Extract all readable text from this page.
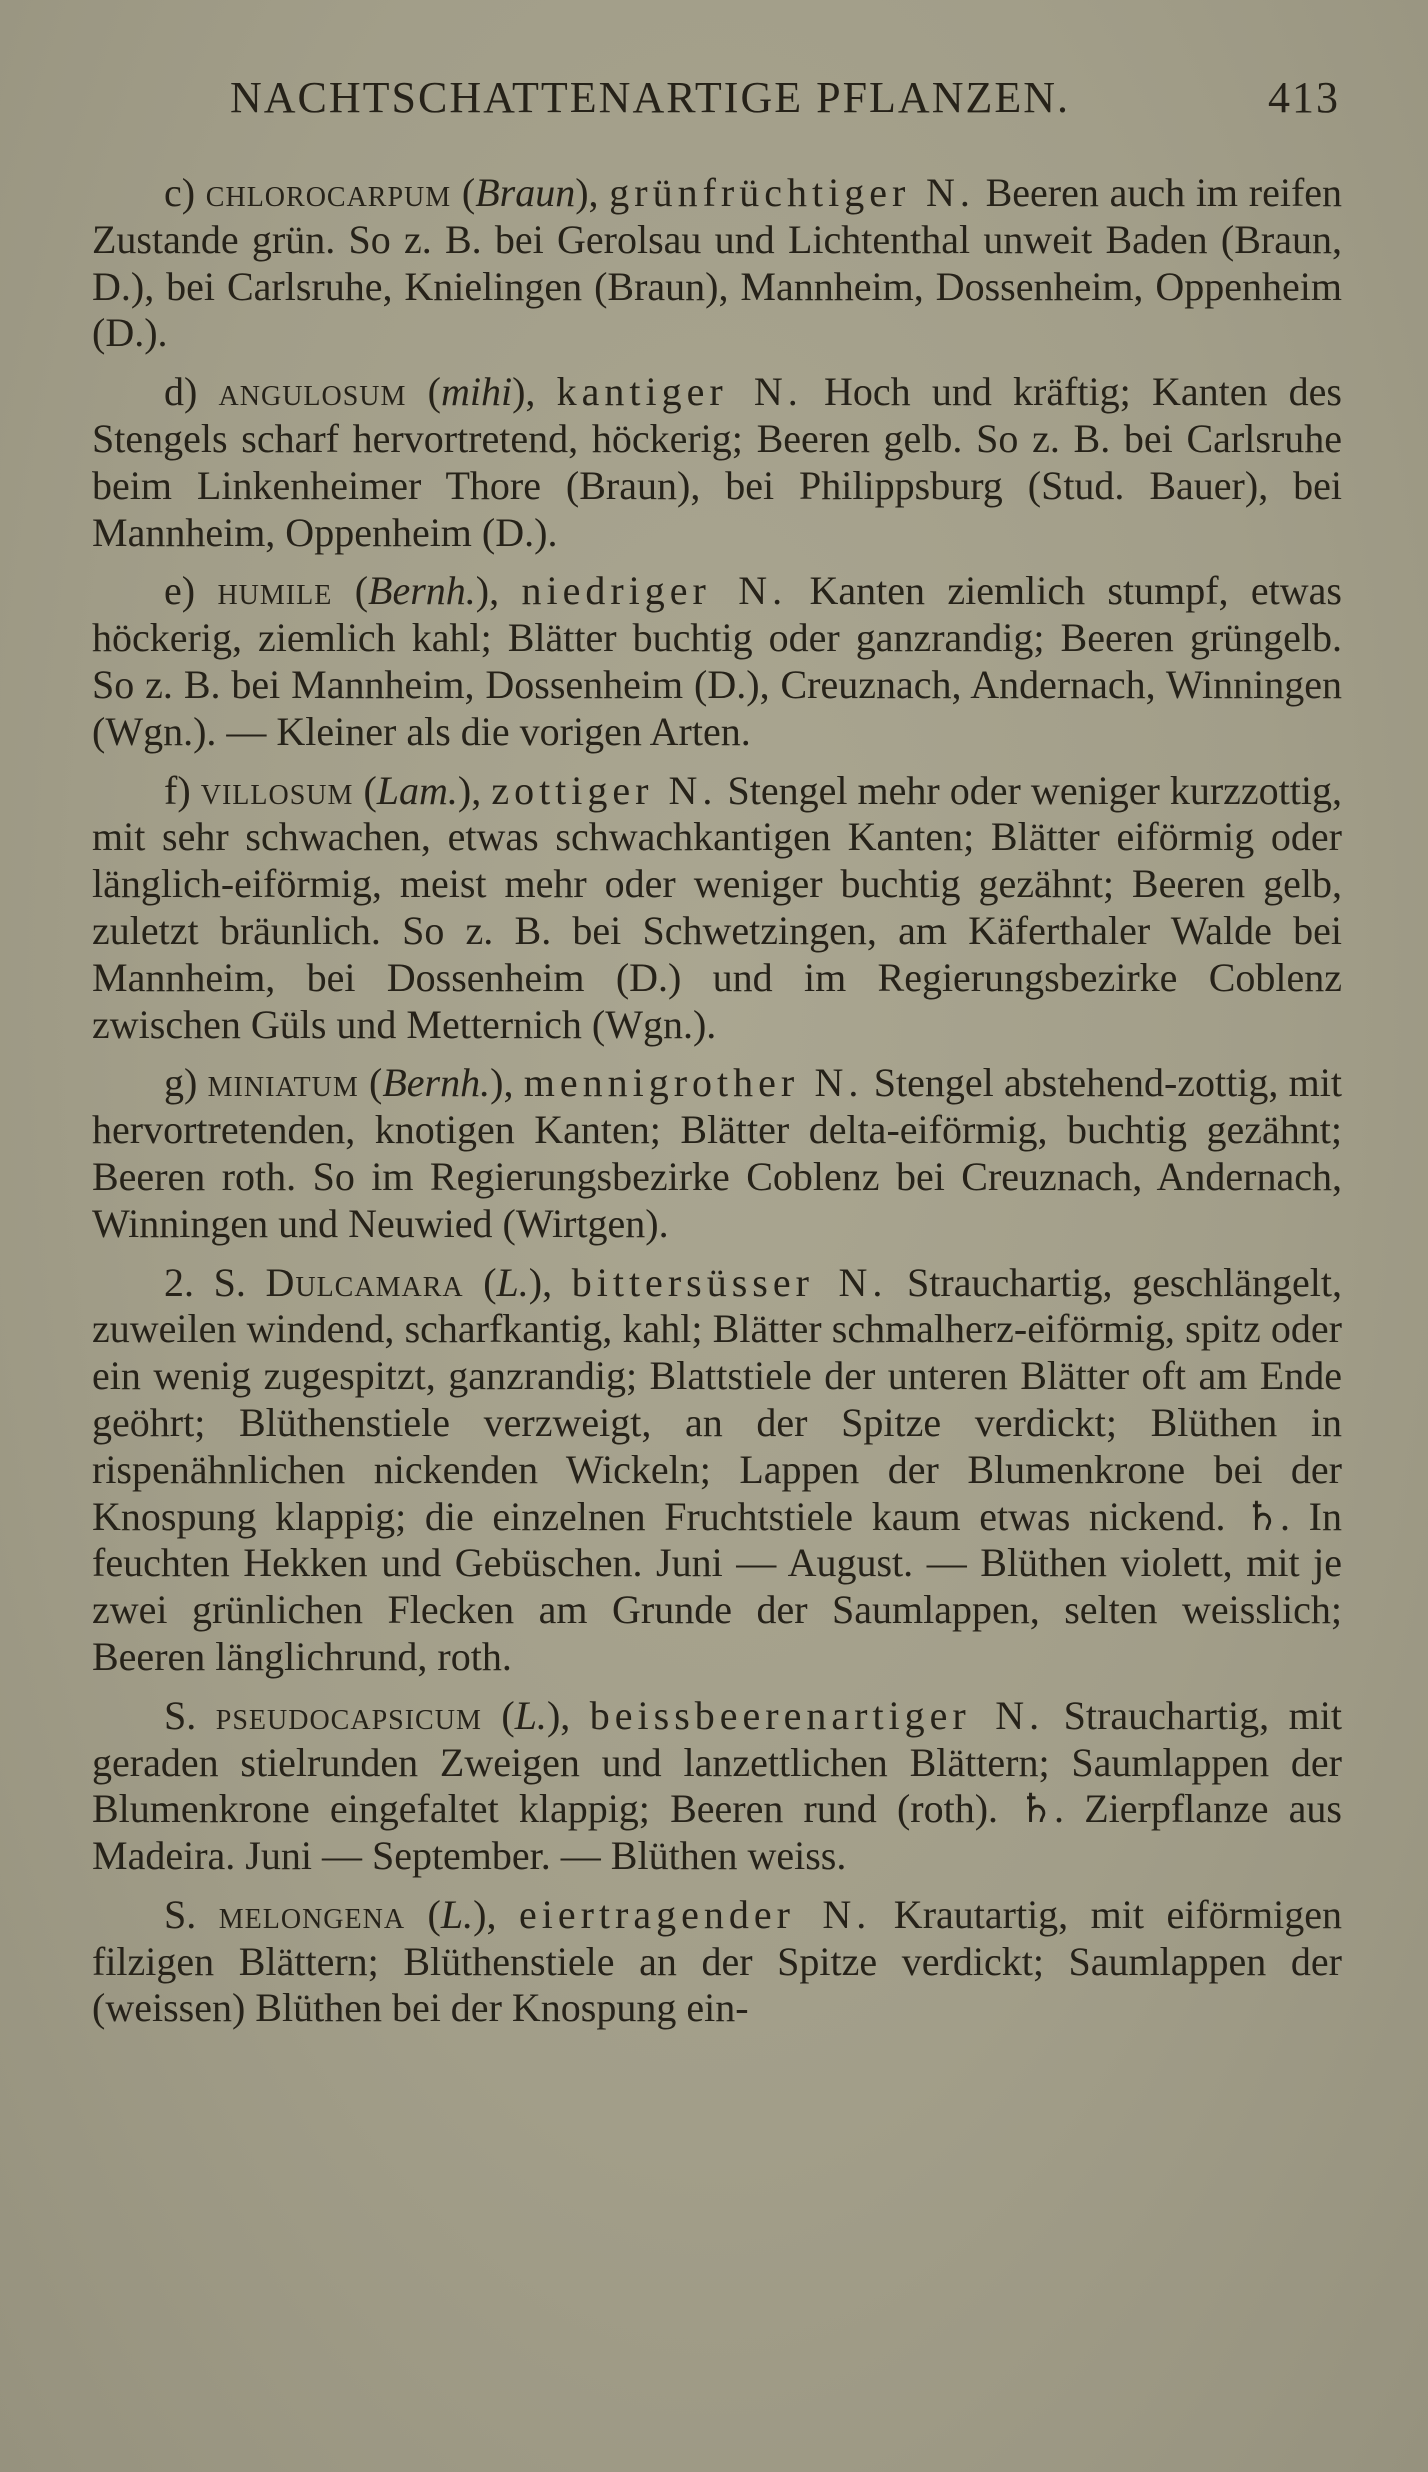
NACHTSCHATTENARTIGE PFLANZEN.	413

c) chlorocarpum (Braun), grünfrüchtiger N. Beeren auch im reifen Zustande grün. So z. B. bei Gerolsau und Lichtenthal unweit Baden (Braun, D.), bei Carlsruhe, Knielingen (Braun), Mannheim, Dossenheim, Oppenheim (D.).

d) angulosum (mihi), kantiger N. Hoch und kräftig; Kanten des Stengels scharf hervortretend, höckerig; Beeren gelb. So z. B. bei Carlsruhe beim Linkenheimer Thore (Braun), bei Philippsburg (Stud. Bauer), bei Mannheim, Oppenheim (D.).

e) humile (Bernh.), niedriger N. Kanten ziemlich stumpf, etwas höckerig, ziemlich kahl; Blätter buchtig oder ganzrandig; Beeren grüngelb. So z. B. bei Mannheim, Dossenheim (D.), Creuznach, Andernach, Winningen (Wgn.). — Kleiner als die vorigen Arten.

f) villosum (Lam.), zottiger N. Stengel mehr oder weniger kurzzottig, mit sehr schwachen, etwas schwachkantigen Kanten; Blätter eiförmig oder länglich-eiförmig, meist mehr oder weniger buchtig gezähnt; Beeren gelb, zuletzt bräunlich. So z. B. bei Schwetzingen, am Käferthaler Walde bei Mannheim, bei Dossenheim (D.) und im Regierungsbezirke Coblenz zwischen Güls und Metternich (Wgn.).

g) miniatum (Bernh.), mennigrother N. Stengel abstehend-zottig, mit hervortretenden, knotigen Kanten; Blätter delta-eiförmig, buchtig gezähnt; Beeren roth. So im Regierungsbezirke Coblenz bei Creuznach, Andernach, Winningen und Neuwied (Wirtgen).

2. S. Dulcamara (L.), bittersüsser N. Strauchartig, geschlängelt, zuweilen windend, scharfkantig, kahl; Blätter schmalherz-eiförmig, spitz oder ein wenig zugespitzt, ganzrandig; Blattstiele der unteren Blätter oft am Ende geöhrt; Blüthenstiele verzweigt, an der Spitze verdickt; Blüthen in rispenähnlichen nickenden Wickeln; Lappen der Blumenkrone bei der Knospung klappig; die einzelnen Fruchtstiele kaum etwas nickend. ♄. In feuchten Hekken und Gebüschen. Juni — August. — Blüthen violett, mit je zwei grünlichen Flecken am Grunde der Saumlappen, selten weisslich; Beeren länglichrund, roth.

S. pseudocapsicum (L.), beissbeerenartiger N. Strauchartig, mit geraden stielrunden Zweigen und lanzettlichen Blättern; Saumlappen der Blumenkrone eingefaltet klappig; Beeren rund (roth). ♄. Zierpflanze aus Madeira. Juni — September. — Blüthen weiss.

S. melongena (L.), eiertragender N. Krautartig, mit eiförmigen filzigen Blättern; Blüthenstiele an der Spitze verdickt; Saumlappen der (weissen) Blüthen bei der Knospung ein-
